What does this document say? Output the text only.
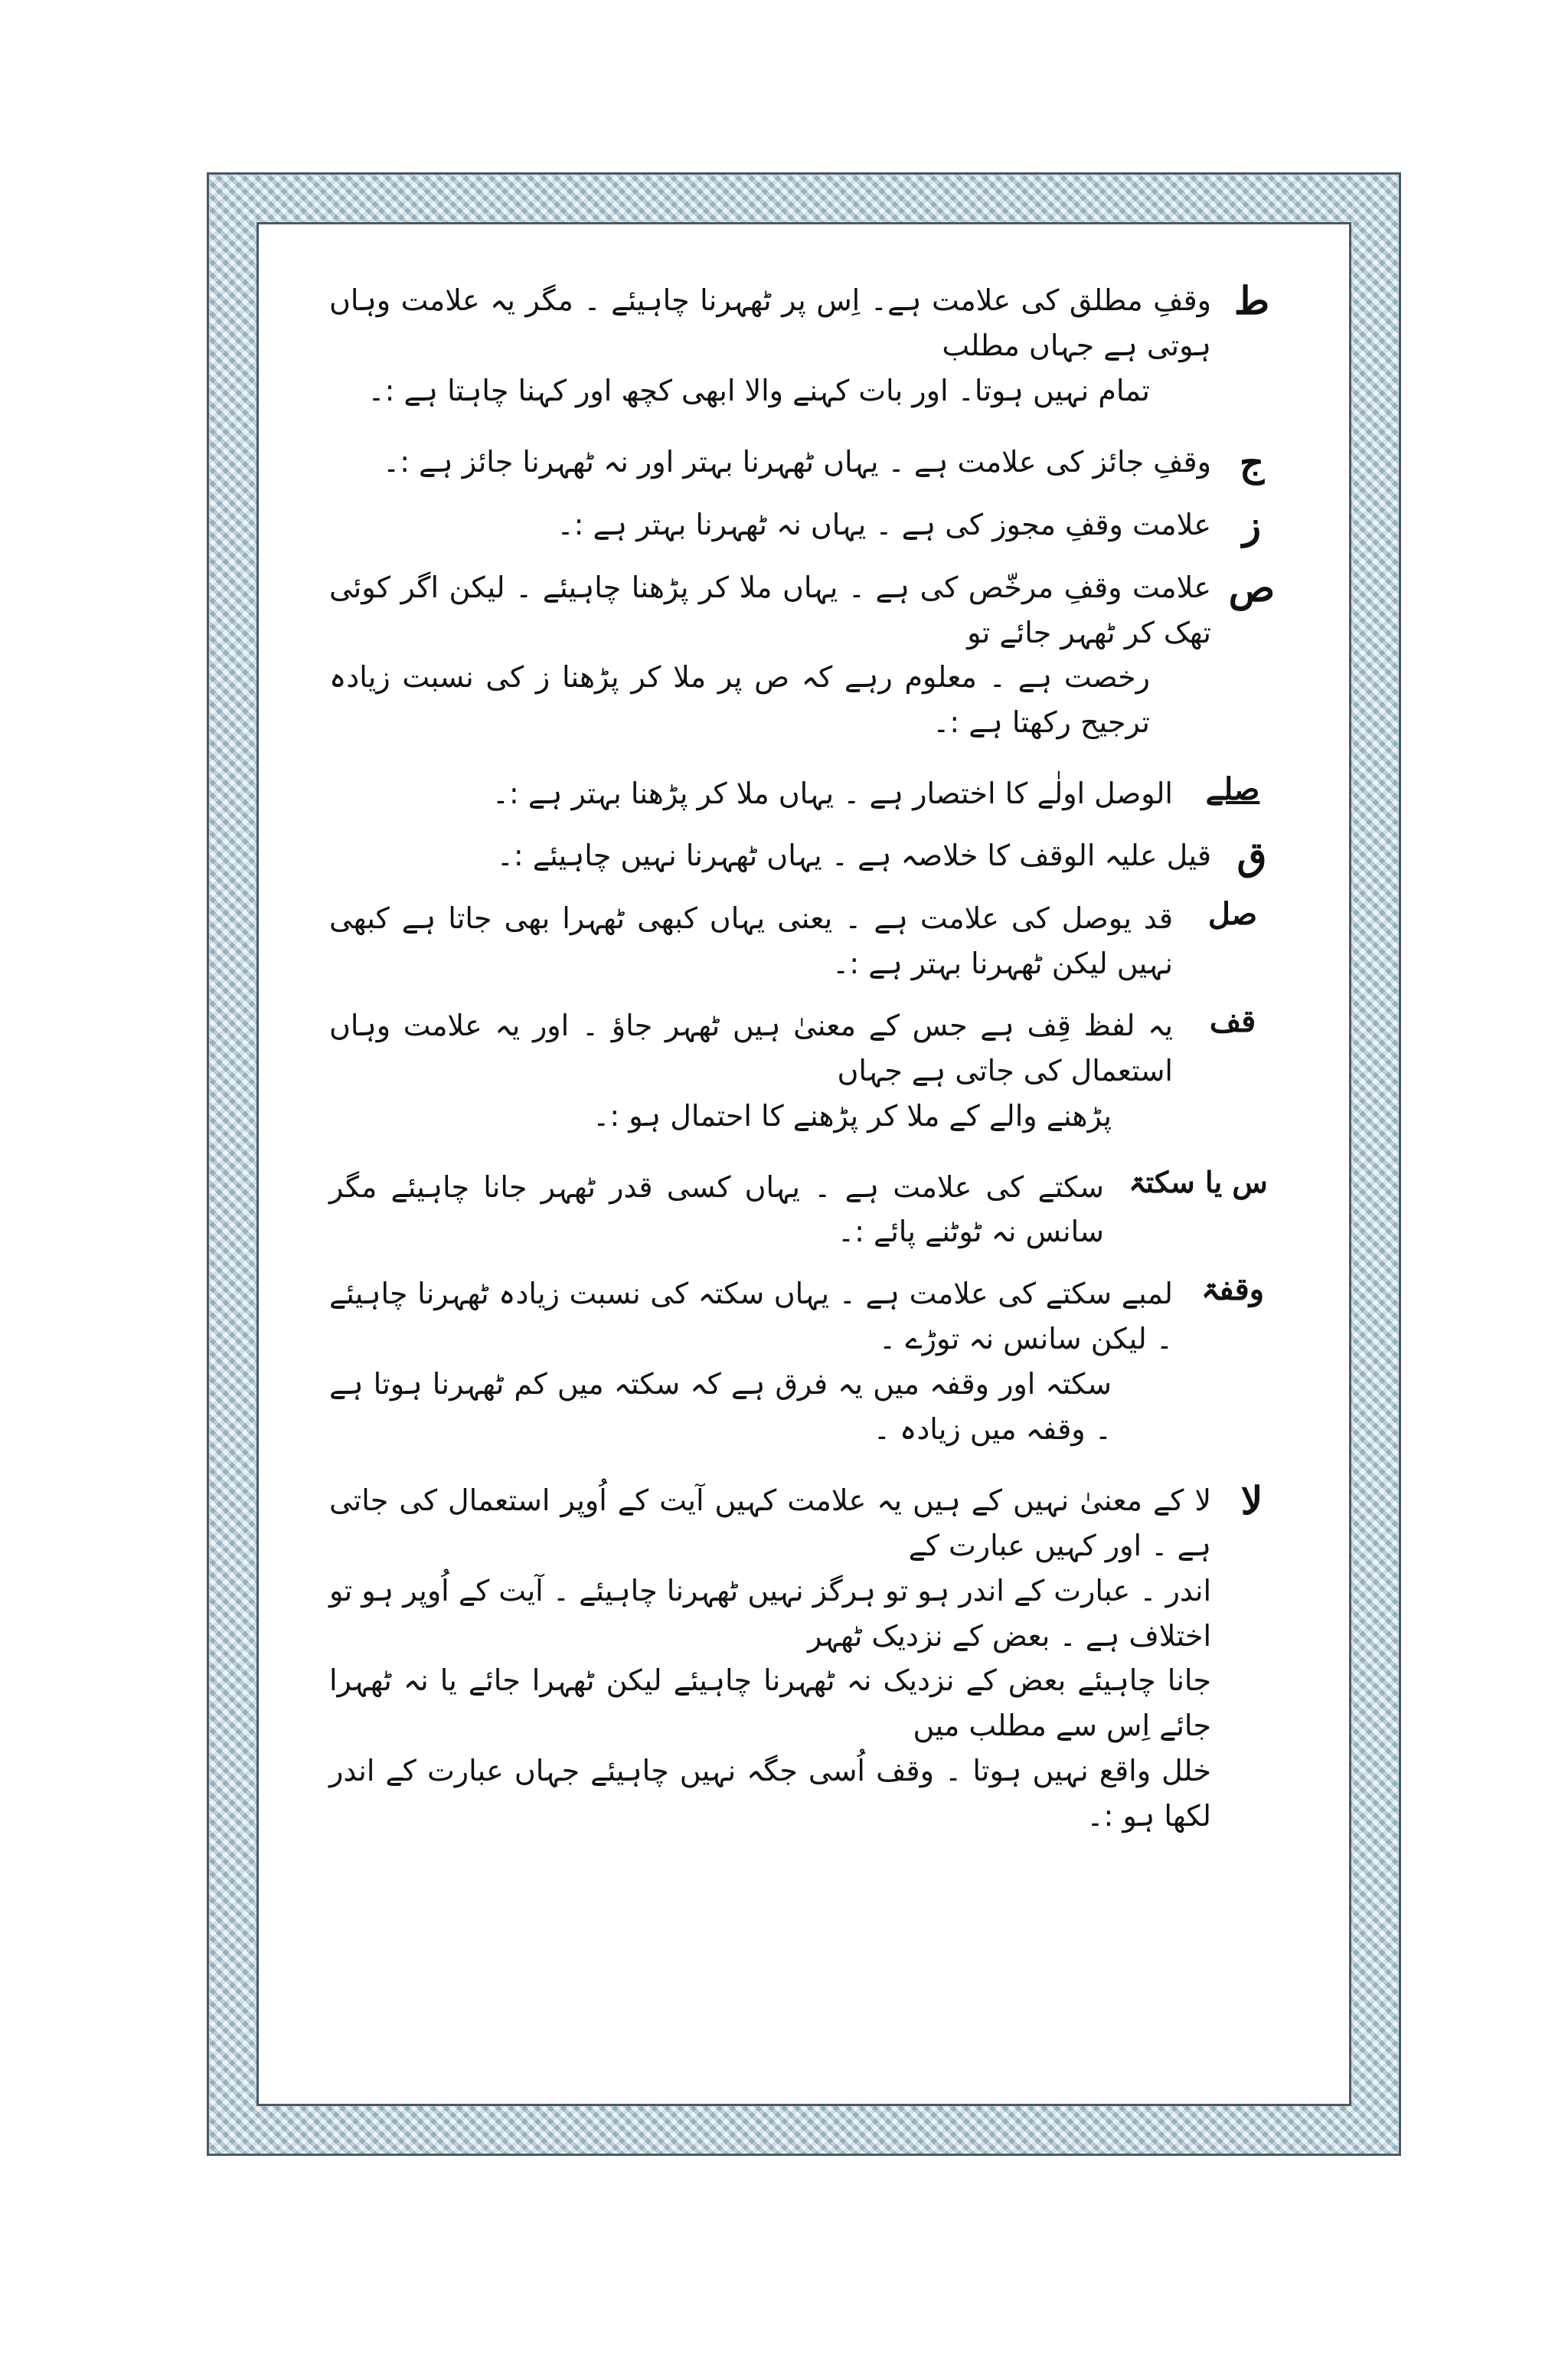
ط

وقفِ مطلق کی علامت ہے۔ اِس پر ٹھہرنا چاہیئے ۔ مگر یہ علامت وہاں ہوتی ہے جہاں مطلب

تمام نہیں ہوتا۔ اور بات کہنے والا ابھی کچھ اور کہنا چاہتا ہے :۔

ج

وقفِ جائز کی علامت ہے ۔ یہاں ٹھہرنا بہتر اور نہ ٹھہرنا جائز ہے :۔

ز

علامت وقفِ مجوز کی ہے ۔ یہاں نہ ٹھہرنا بہتر ہے :۔

ص

علامت وقفِ مرخّص کی ہے ۔ یہاں ملا کر پڑھنا چاہیئے ۔ لیکن اگر کوئی تھک کر ٹھہر جائے تو

رخصت ہے ۔ معلوم رہے کہ ص پر ملا کر پڑھنا ز کی نسبت زیادہ ترجیح رکھتا ہے :۔

صلے

الوصل اولٰے کا اختصار ہے ۔ یہاں ملا کر پڑھنا بہتر ہے :۔

ق

قیل علیہ الوقف کا خلاصہ ہے ۔ یہاں ٹھہرنا نہیں چاہیئے :۔

صل

قد یوصل کی علامت ہے ۔ یعنی یہاں کبھی ٹھہرا بھی جاتا ہے کبھی نہیں لیکن ٹھہرنا بہتر ہے :۔

قف

یہ لفظ قِف ہے جس کے معنیٰ ہیں ٹھہر جاؤ ۔ اور یہ علامت وہاں استعمال کی جاتی ہے جہاں

پڑھنے والے کے ملا کر پڑھنے کا احتمال ہو :۔

س یا سکتۃ

سکتے کی علامت ہے ۔ یہاں کسی قدر ٹھہر جانا چاہیئے مگر سانس نہ ٹوٹنے پائے :۔

وقفۃ

لمبے سکتے کی علامت ہے ۔ یہاں سکتہ کی نسبت زیادہ ٹھہرنا چاہیئے ۔ لیکن سانس نہ توڑے ۔

سکتہ اور وقفہ میں یہ فرق ہے کہ سکتہ میں کم ٹھہرنا ہوتا ہے ۔ وقفہ میں زیادہ ۔

لا

لا کے معنیٰ نہیں کے ہیں یہ علامت کہیں آیت کے اُوپر استعمال کی جاتی ہے ۔ اور کہیں عبارت کے

اندر ۔ عبارت کے اندر ہو تو ہرگز نہیں ٹھہرنا چاہیئے ۔ آیت کے اُوپر ہو تو اختلاف ہے ۔ بعض کے نزدیک ٹھہر

جانا چاہیئے بعض کے نزدیک نہ ٹھہرنا چاہیئے لیکن ٹھہرا جائے یا نہ ٹھہرا جائے اِس سے مطلب میں

خلل واقع نہیں ہوتا ۔ وقف اُسی جگہ نہیں چاہیئے جہاں عبارت کے اندر لکھا ہو :۔
